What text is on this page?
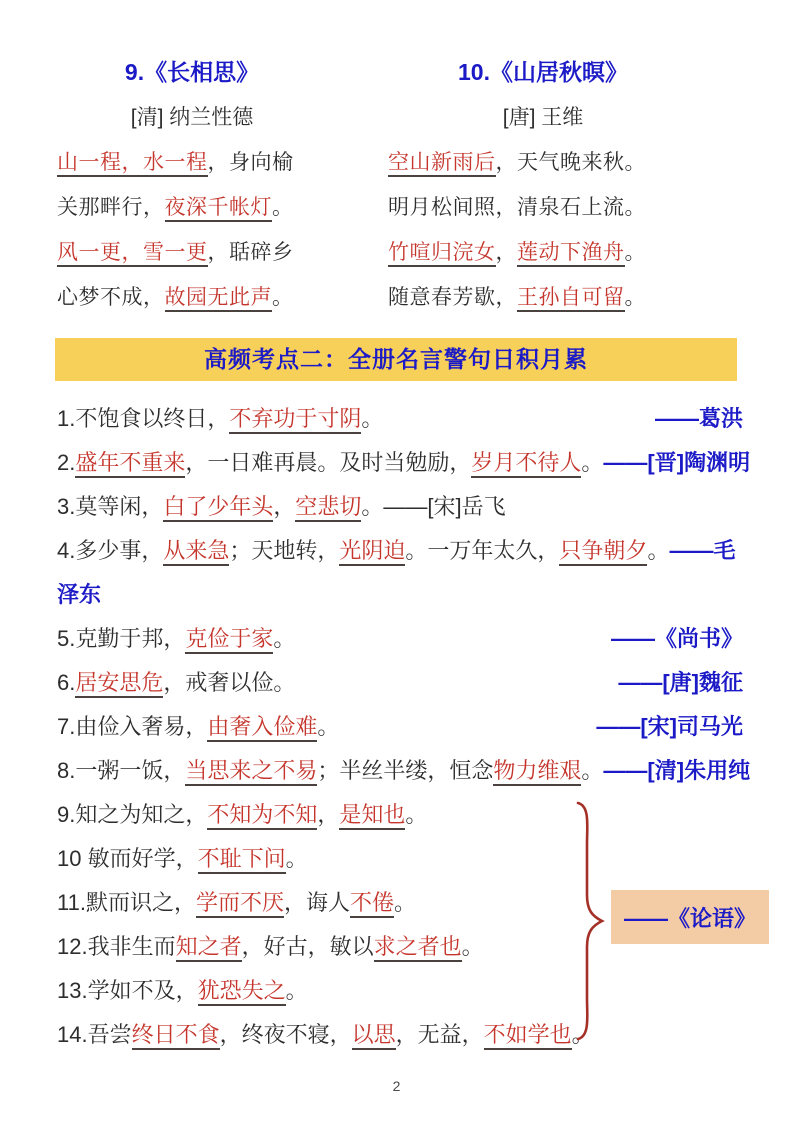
9.《长相思》
[清] 纳兰性德
山一程，水一程，身向榆
关那畔行，夜深千帐灯。
风一更，雪一更，聒碎乡
心梦不成，故园无此声。
10.《山居秋暝》
[唐] 王维
空山新雨后，天气晚来秋。
明月松间照，清泉石上流。
竹喧归浣女，莲动下渔舟。
随意春芳歇，王孙自可留。
高频考点二：全册名言警句日积月累
1.不饱食以终日，不弃功于寸阴。	——葛洪
2.盛年不重来，一日难再晨。及时当勉励，岁月不待人。 ——[晋]陶渊明
3.莫等闲，白了少年头，空悲切。——[宋]岳飞
4.多少事，从来急；天地转，光阴迫。一万年太久，只争朝夕。——毛泽东
5.克勤于邦，克俭于家。	——《尚书》
6.居安思危，戒奢以俭。	——[唐]魏征
7.由俭入奢易，由奢入俭难。	——[宋]司马光
8.一粥一饭，当思来之不易；半丝半缕，恒念物力维艰。 ——[清]朱用纯
9.知之为知之，不知为不知，是知也。
10 敏而好学，不耻下问。
11.默而识之，学而不厌，诲人不倦。
12.我非生而知之者，好古，敏以求之者也。
13.学如不及，犹恐失之。
14.吾尝终日不食，终夜不寝，以思，无益，不如学也。
——《论语》
2
